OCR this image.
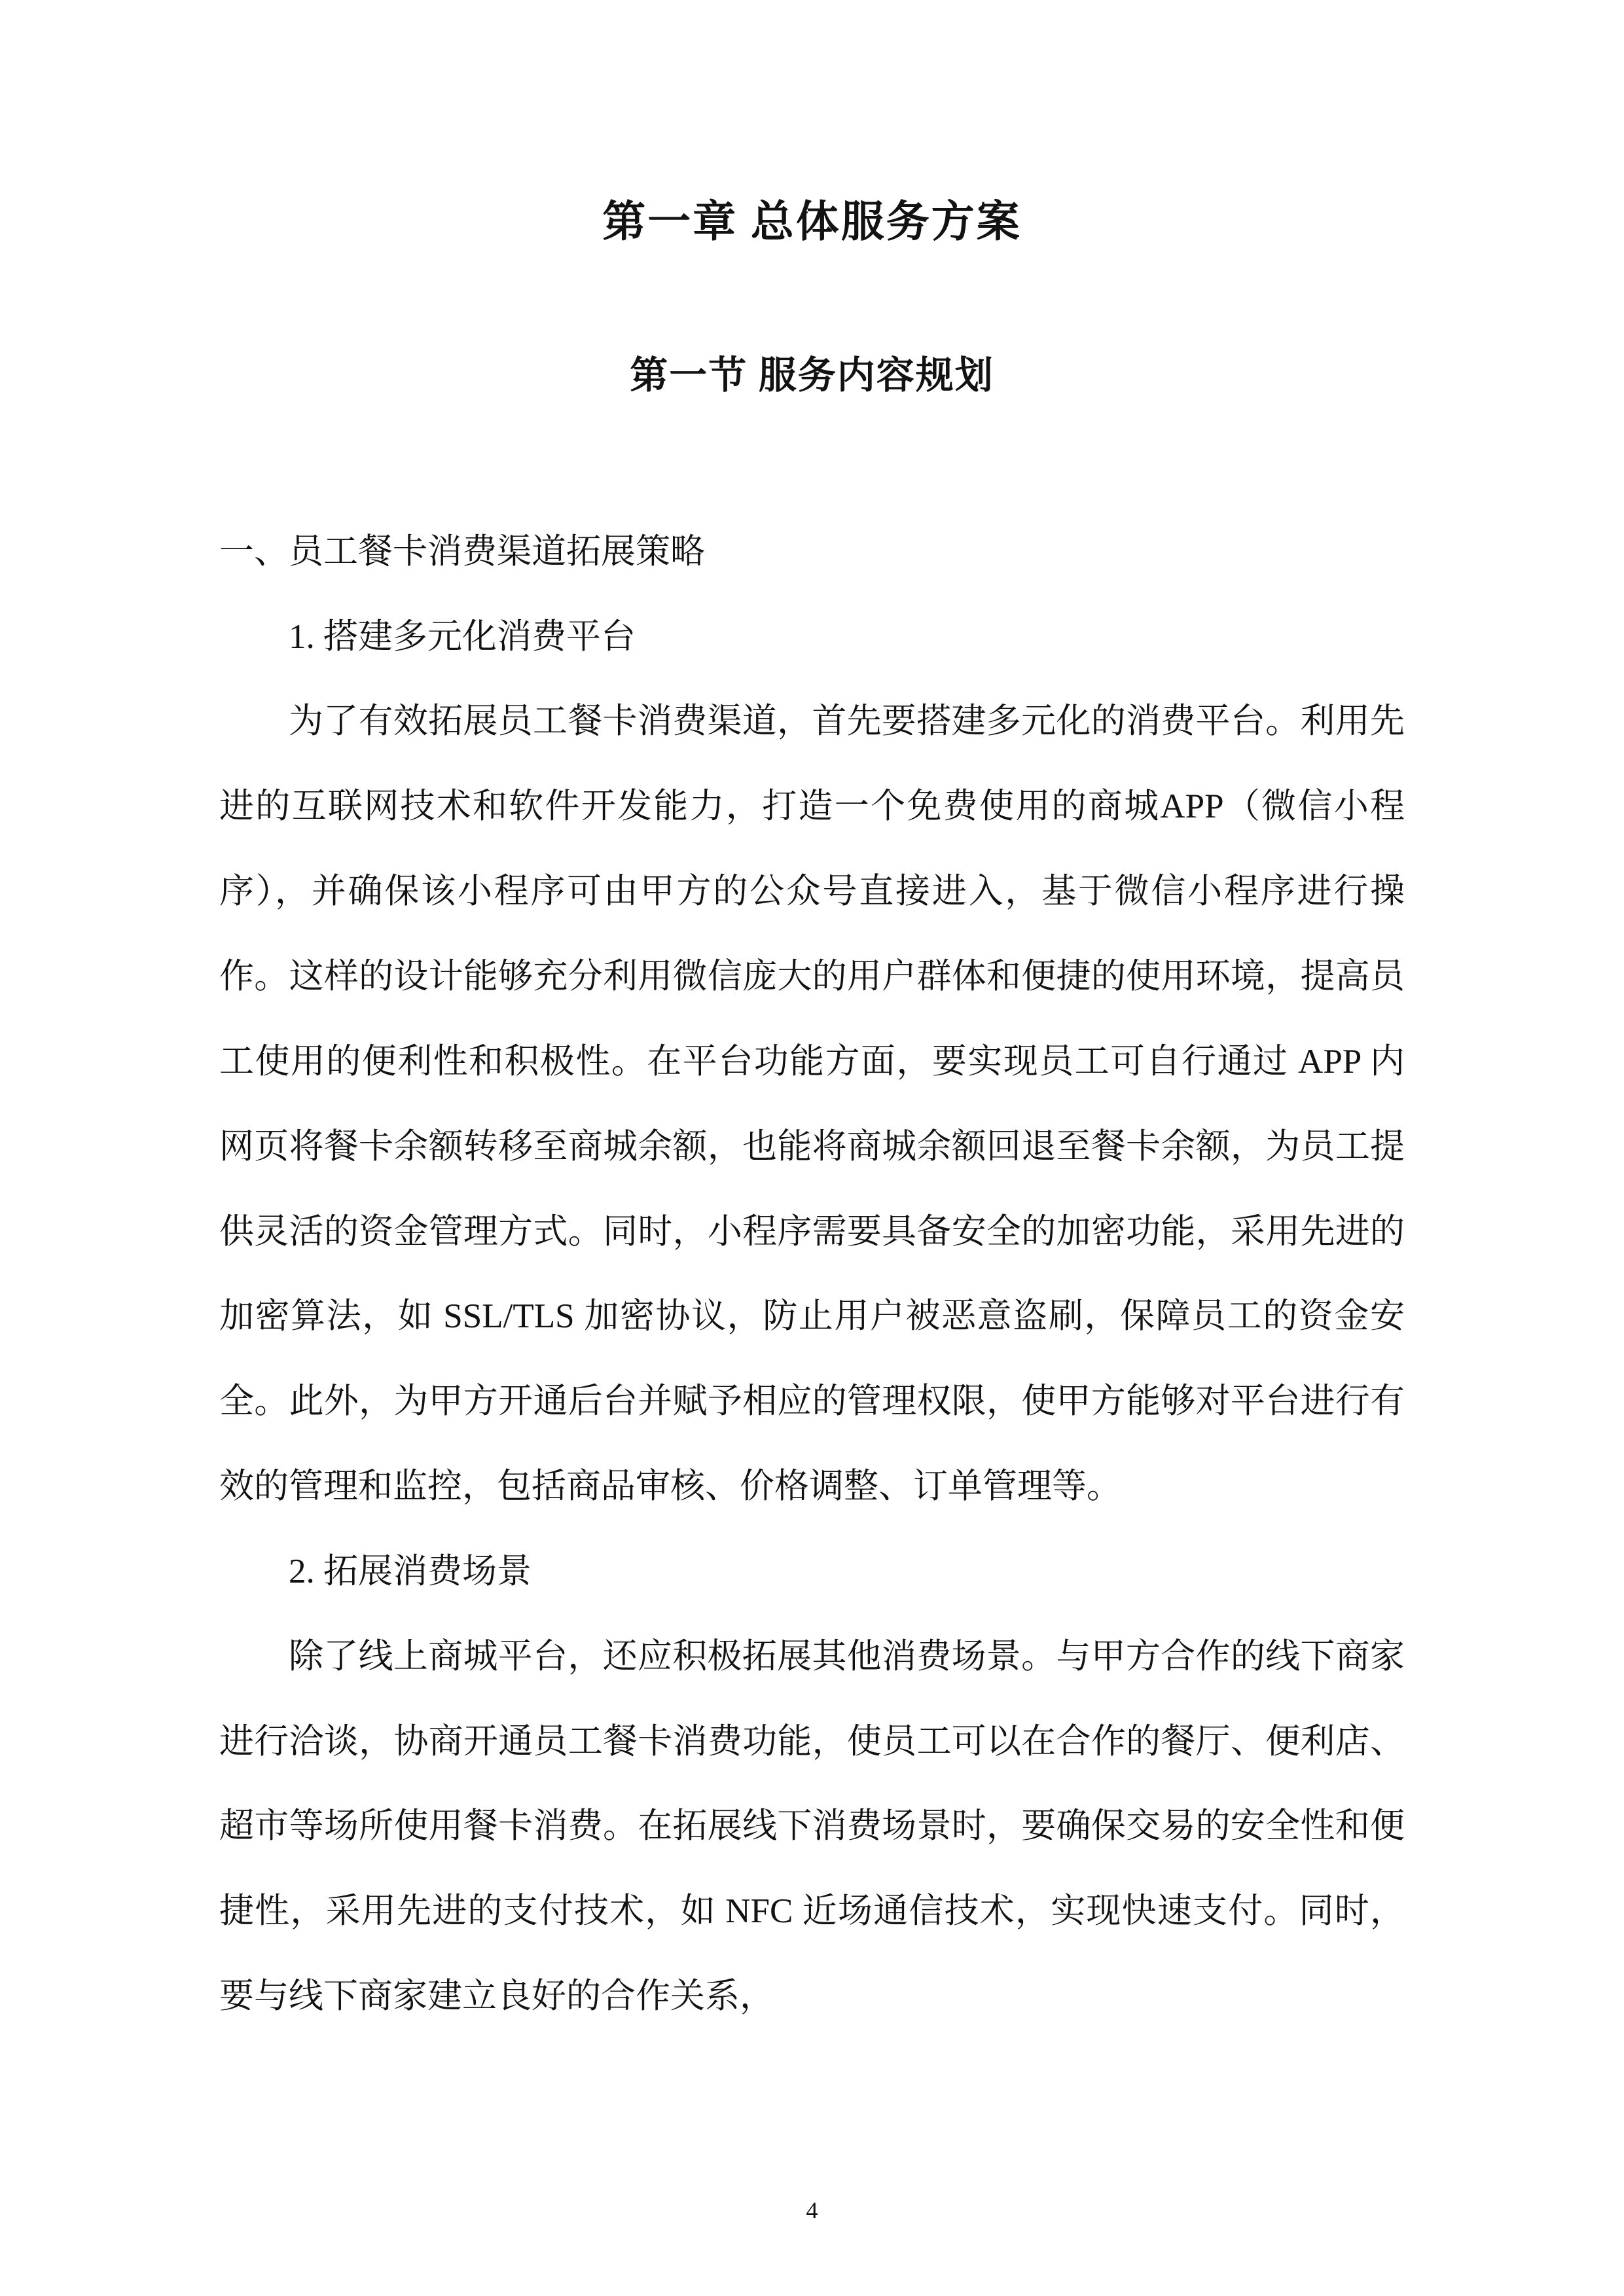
第一章 总体服务方案
第一节 服务内容规划

一、员工餐卡消费渠道拓展策略

1. 搭建多元化消费平台

为了有效拓展员工餐卡消费渠道，首先要搭建多元化的消费平台。利用先进的互联网技术和软件开发能力，打造一个免费使用的商城APP（微信小程序），并确保该小程序可由甲方的公众号直接进入，基于微信小程序进行操作。这样的设计能够充分利用微信庞大的用户群体和便捷的使用环境，提高员工使用的便利性和积极性。在平台功能方面，要实现员工可自行通过 APP 内网页将餐卡余额转移至商城余额，也能将商城余额回退至餐卡余额，为员工提供灵活的资金管理方式。同时，小程序需要具备安全的加密功能，采用先进的加密算法，如 SSL/TLS 加密协议，防止用户被恶意盗刷，保障员工的资金安全。此外，为甲方开通后台并赋予相应的管理权限，使甲方能够对平台进行有效的管理和监控，包括商品审核、价格调整、订单管理等。

2. 拓展消费场景

除了线上商城平台，还应积极拓展其他消费场景。与甲方合作的线下商家进行洽谈，协商开通员工餐卡消费功能，使员工可以在合作的餐厅、便利店、超市等场所使用餐卡消费。在拓展线下消费场景时，要确保交易的安全性和便捷性，采用先进的支付技术，如 NFC 近场通信技术，实现快速支付。同时，要与线下商家建立良好的合作关系，

4
